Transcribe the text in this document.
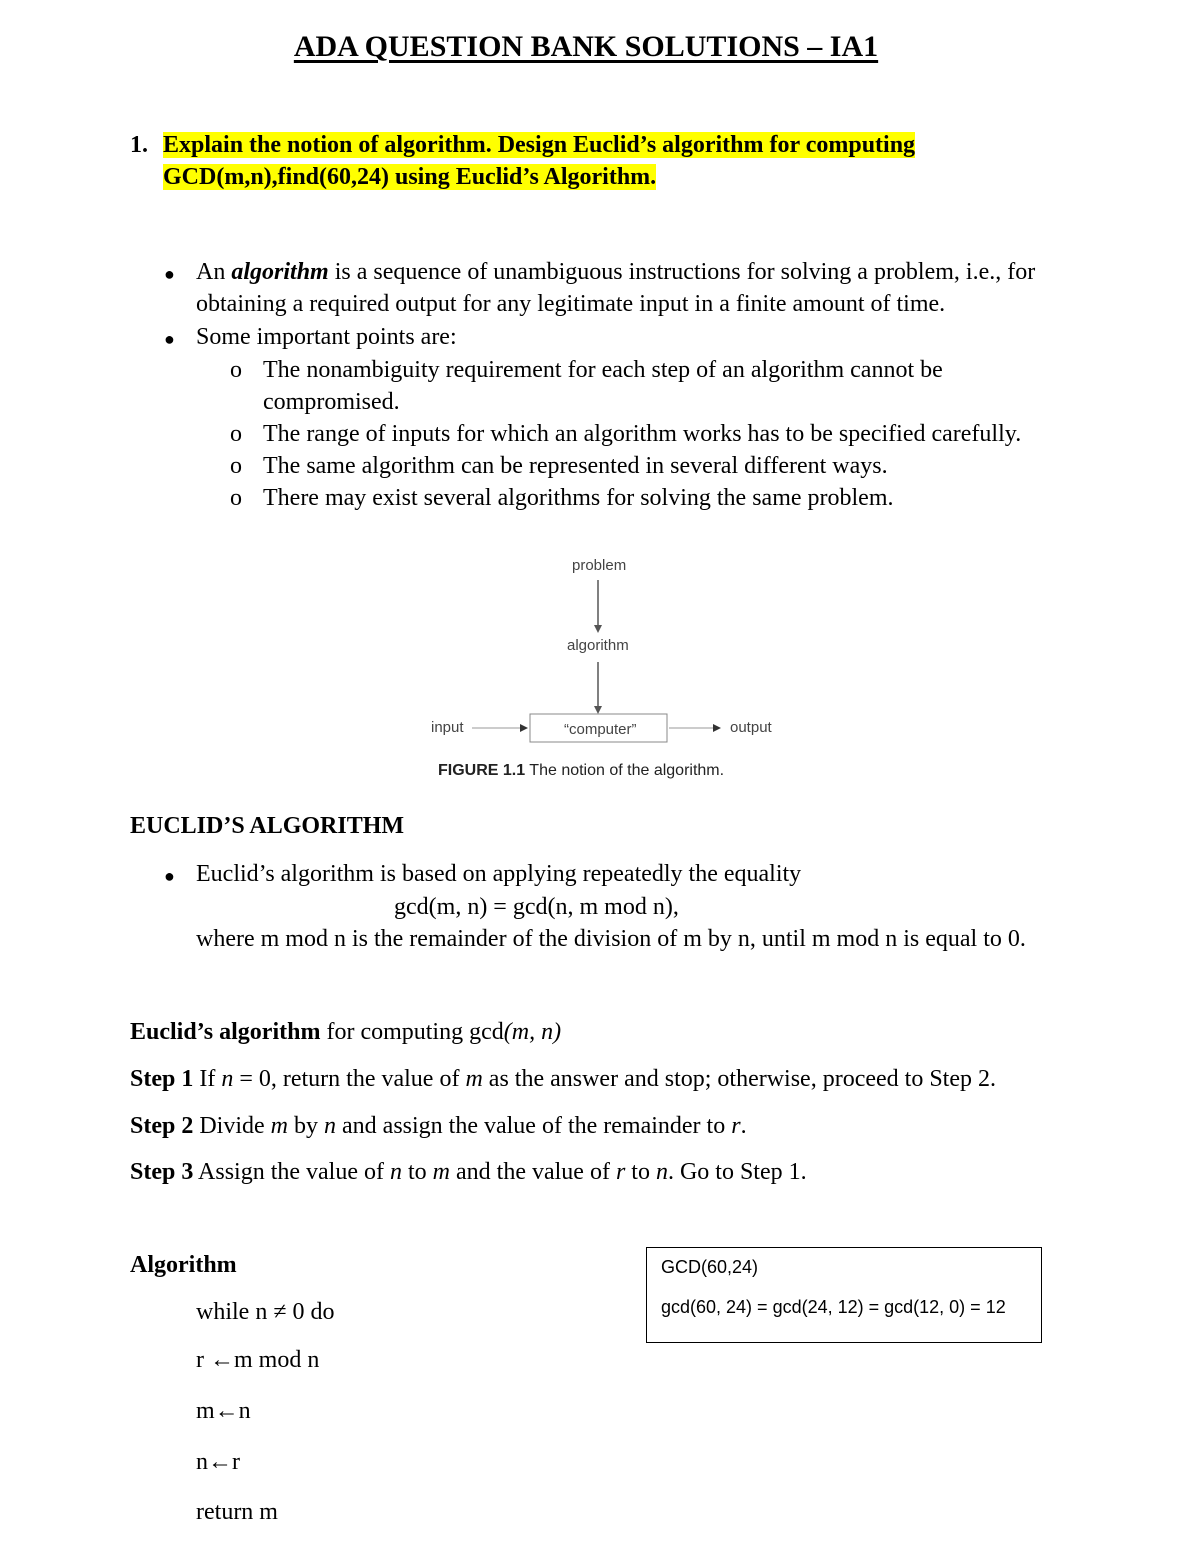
ADA QUESTION BANK SOLUTIONS – IA1
1. Explain the notion of algorithm. Design Euclid’s algorithm for computing
GCD(m,n),find(60,24) using Euclid’s Algorithm.
● An algorithm is a sequence of unambiguous instructions for solving a problem, i.e., for
obtaining a required output for any legitimate input in a finite amount of time.
● Some important points are:
o The nonambiguity requirement for each step of an algorithm cannot be
compromised.
o The range of inputs for which an algorithm works has to be specified carefully.
o The same algorithm can be represented in several different ways.
o There may exist several algorithms for solving the same problem.
problem
algorithm
input	“computer”	output
FIGURE 1.1 The notion of the algorithm.
EUCLID’S ALGORITHM
● Euclid’s algorithm is based on applying repeatedly the equality
gcd(m, n) = gcd(n, m mod n),
where m mod n is the remainder of the division of m by n, until m mod n is equal to 0.
Euclid’s algorithm for computing gcd(m, n)
Step 1 If n = 0, return the value of m as the answer and stop; otherwise, proceed to Step 2.
Step 2 Divide m by n and assign the value of the remainder to r.
Step 3 Assign the value of n to m and the value of r to n. Go to Step 1.
Algorithm
while n ≠ 0 do
r ←m mod n
m←n
n←r
return m
GCD(60,24)
gcd(60, 24) = gcd(24, 12) = gcd(12, 0) = 12
